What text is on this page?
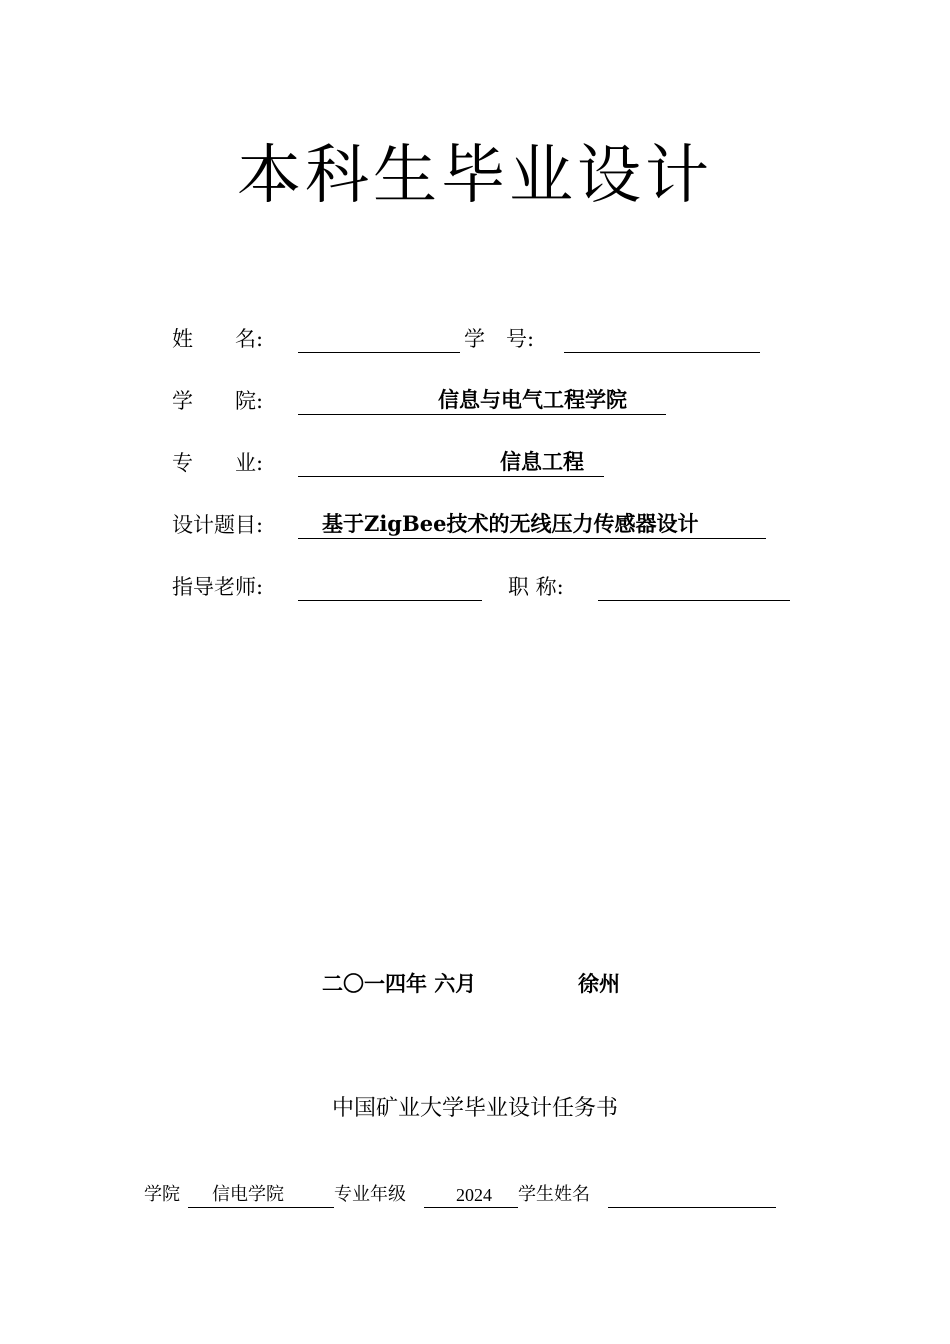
本科生毕业设计
姓　　名:	学　号:
学　　院:	信息与电气工程学院
专　　业:	信息工程
设计题目:	基于ZigBee技术的无线压力传感器设计
指导老师:	职 称:
二〇一四年 六月	徐州
中国矿业大学毕业设计任务书
学院 信电学院	专业年级	2024 学生姓名
